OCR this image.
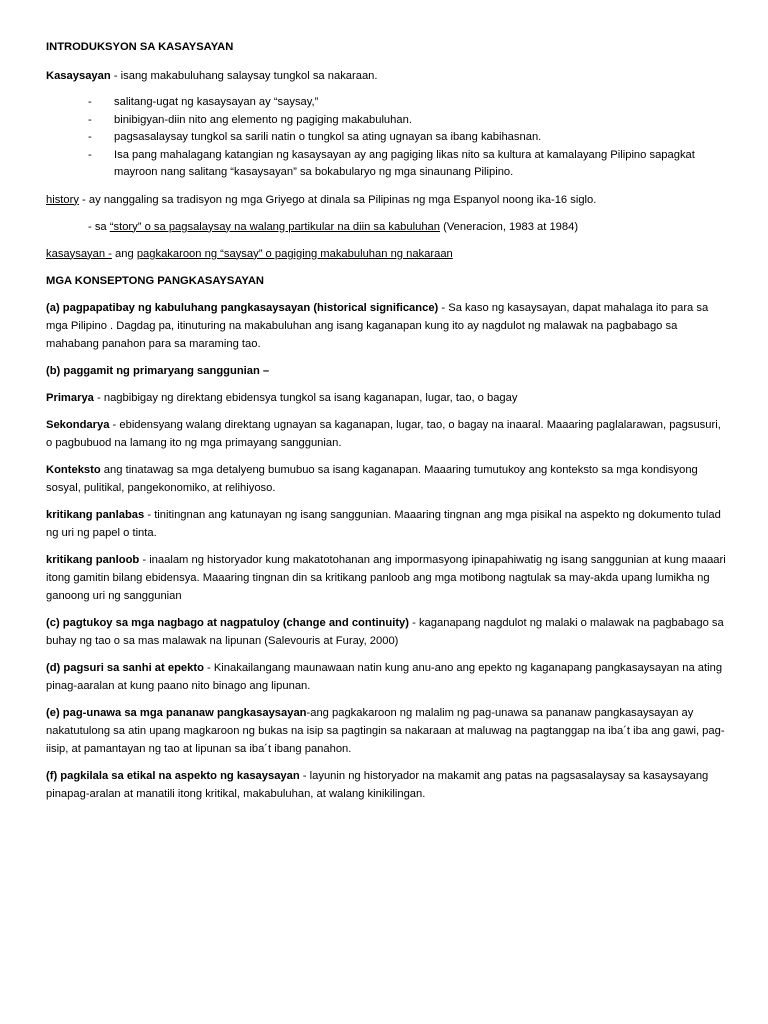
INTRODUKSYON SA KASAYSAYAN

Kasaysayan - isang makabuluhang salaysay tungkol sa nakaraan.

- salitang-ugat ng kasaysayan ay “saysay,”
- binibigyan-diin nito ang elemento ng pagiging makabuluhan.
- pagsasalaysay tungkol sa sarili natin o tungkol sa ating ugnayan sa ibang kabihasnan.
- Isa pang mahalagang katangian ng kasaysayan ay ang pagiging likas nito sa kultura at kamalayang Pilipino sapagkat mayroon nang salitang “kasaysayan” sa bokabularyo ng mga sinaunang Pilipino.

history - ay nanggaling sa tradisyon ng mga Griyego at dinala sa Pilipinas ng mga Espanyol noong ika-16 siglo.

- sa “story” o sa pagsalaysay na walang partikular na diin sa kabuluhan (Veneracion, 1983 at 1984)

kasaysayan - ang pagkakaroon ng “saysay” o pagiging makabuluhan ng nakaraan

MGA KONSEPTONG PANGKASAYSAYAN

(a) pagpapatibay ng kabuluhang pangkasaysayan (historical significance) - Sa kaso ng kasaysayan, dapat mahalaga ito para sa mga Pilipino . Dagdag pa, itinuturing na makabuluhan ang isang kaganapan kung ito ay nagdulot ng malawak na pagbabago sa mahabang panahon para sa maraming tao.

(b) paggamit ng primaryang sanggunian –

Primarya - nagbibigay ng direktang ebidensya tungkol sa isang kaganapan, lugar, tao, o bagay

Sekondarya - ebidensyang walang direktang ugnayan sa kaganapan, lugar, tao, o bagay na inaaral. Maaaring paglalarawan, pagsusuri, o pagbubuod na lamang ito ng mga primayang sanggunian.

Konteksto ang tinatawag sa mga detalyeng bumubuo sa isang kaganapan. Maaaring tumutukoy ang konteksto sa mga kondisyong sosyal, pulitikal, pangekonomiko, at relihiyoso.

kritikang panlabas - tinitingnan ang katunayan ng isang sanggunian. Maaaring tingnan ang mga pisikal na aspekto ng dokumento tulad ng uri ng papel o tinta.

kritikang panloob - inaalam ng historyador kung makatotohanan ang impormasyong ipinapahiwatig ng isang sanggunian at kung maaari itong gamitin bilang ebidensya. Maaaring tingnan din sa kritikang panloob ang mga motibong nagtulak sa may-akda upang lumikha ng ganoong uri ng sanggunian

(c) pagtukoy sa mga nagbago at nagpatuloy (change and continuity) - kaganapang nagdulot ng malaki o malawak na pagbabago sa buhay ng tao o sa mas malawak na lipunan (Salevouris at Furay, 2000)

(d) pagsuri sa sanhi at epekto - Kinakailangang maunawaan natin kung anu-ano ang epekto ng kaganapang pangkasaysayan na ating pinag-aaralan at kung paano nito binago ang lipunan.

(e) pag-unawa sa mga pananaw pangkasaysayan-ang pagkakaroon ng malalim ng pag-unawa sa pananaw pangkasaysayan ay nakatutulong sa atin upang magkaroon ng bukas na isip sa pagtingin sa nakaraan at maluwag na pagtanggap na iba´t iba ang gawi, pag-iisip, at pamantayan ng tao at lipunan sa iba´t ibang panahon.

(f) pagkilala sa etikal na aspekto ng kasaysayan - layunin ng historyador na makamit ang patas na pagsasalaysay sa kasaysayang pinapag-aralan at manatili itong kritikal, makabuluhan, at walang kinikilingan.
